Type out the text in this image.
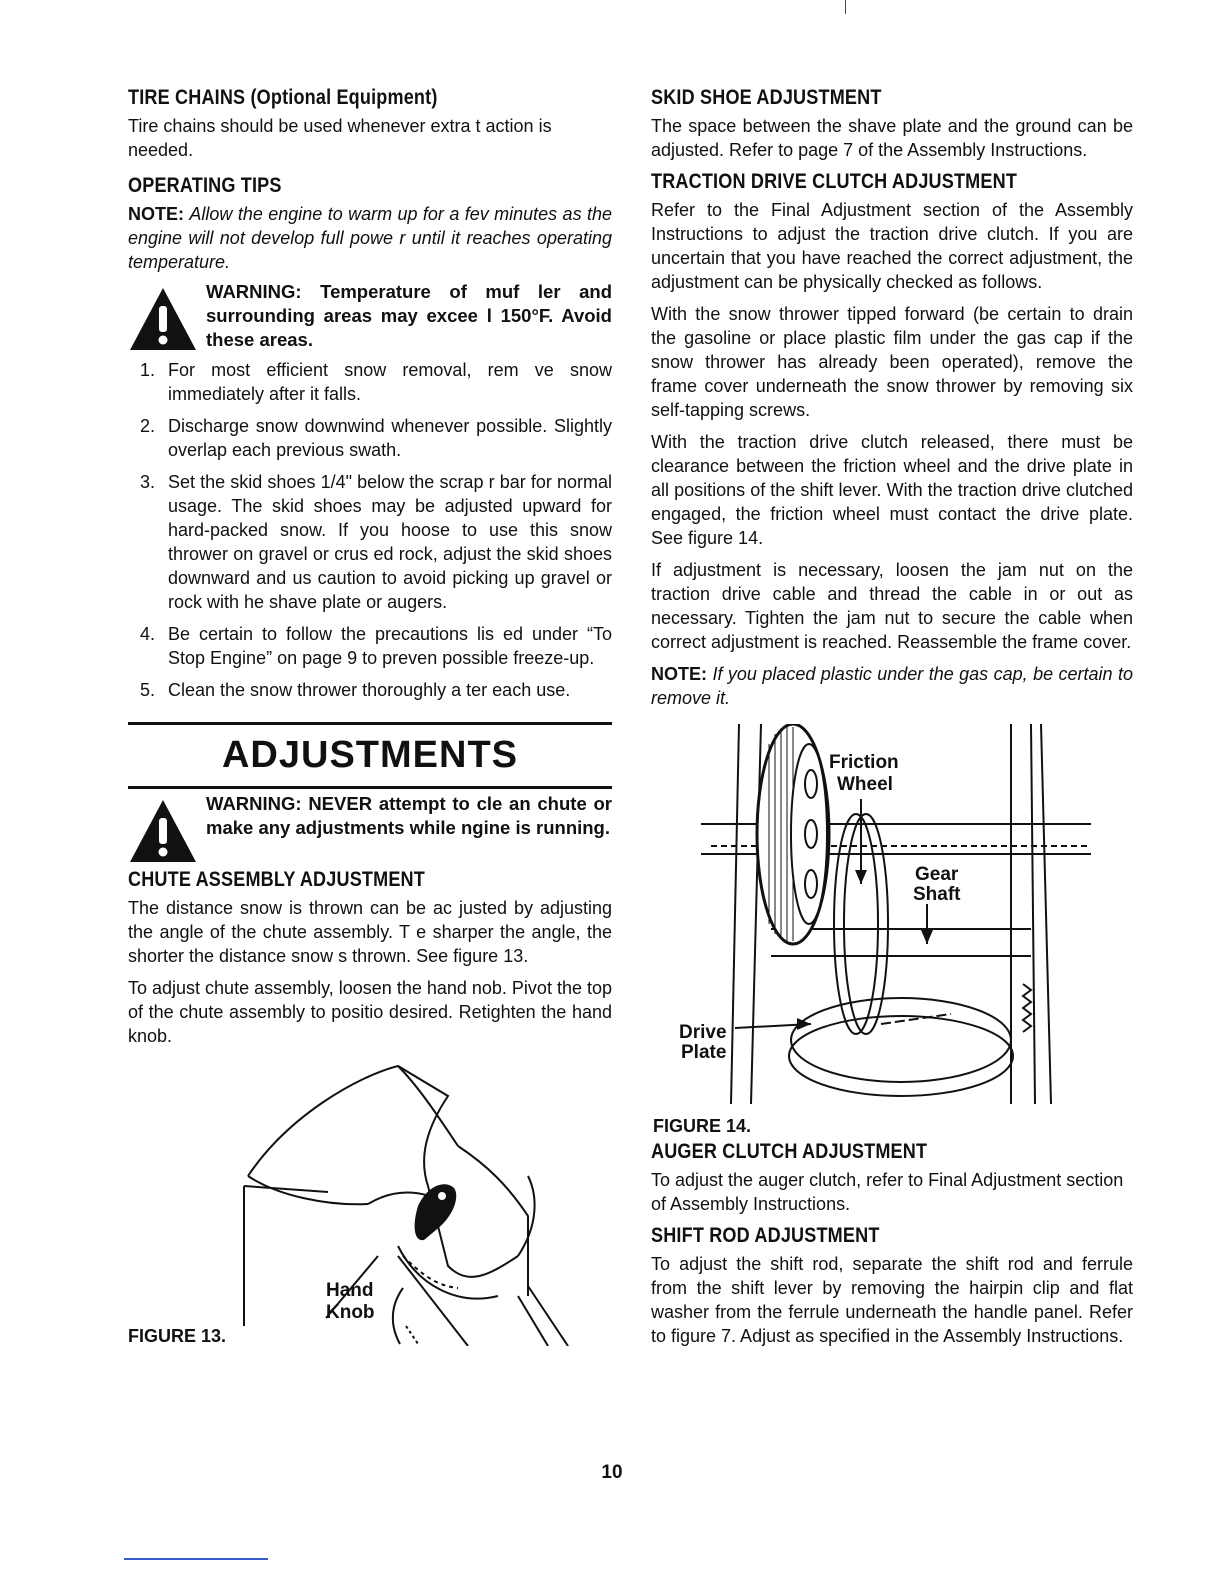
TIRE CHAINS (Optional Equipment)

Tire chains should be used whenever extra t action is needed.

OPERATING TIPS

NOTE: Allow the engine to warm up for a fev minutes as the engine will not develop full powe r until it reaches operating temperature.

WARNING: Temperature of muf ler and surrounding areas may excee l 150°F. Avoid these areas.
1. For most efficient snow removal, rem ve snow immediately after it falls.
2. Discharge snow downwind whenever possible. Slightly overlap each previous swath.
3. Set the skid shoes 1/4" below the scrap r bar for normal usage. The skid shoes may be adjusted upward for hard-packed snow. If you hoose to use this snow thrower on gravel or crus ed rock, adjust the skid shoes downward and us caution to avoid picking up gravel or rock with he shave plate or augers.
4. Be certain to follow the precautions lis ed under “To Stop Engine” on page 9 to preven possible freeze-up.
5. Clean the snow thrower thoroughly a ter each use.
ADJUSTMENTS
WARNING: NEVER attempt to cle an chute or make any adjustments while ngine is running.
CHUTE ASSEMBLY ADJUSTMENT

The distance snow is thrown can be ac justed by adjusting the angle of the chute assembly. T e sharper the angle, the shorter the distance snow s thrown. See figure 13.

To adjust chute assembly, loosen the hand nob. Pivot the top of the chute assembly to positio desired. Retighten the hand knob.

Hand
Knob
FIGURE 13.
SKID SHOE ADJUSTMENT

The space between the shave plate and the ground can be adjusted. Refer to page 7 of the Assembly Instructions.

TRACTION DRIVE CLUTCH ADJUSTMENT

Refer to the Final Adjustment section of the Assembly Instructions to adjust the traction drive clutch. If you are uncertain that you have reached the correct adjustment, the adjustment can be physically checked as follows.

With the snow thrower tipped forward (be certain to drain the gasoline or place plastic film under the gas cap if the snow thrower has already been operated), remove the frame cover underneath the snow thrower by removing six self-tapping screws.

With the traction drive clutch released, there must be clearance between the friction wheel and the drive plate in all positions of the shift lever. With the traction drive clutched engaged, the friction wheel must contact the drive plate. See figure 14.

If adjustment is necessary, loosen the jam nut on the traction drive cable and thread the cable in or out as necessary. Tighten the jam nut to secure the cable when correct adjustment is reached. Reassemble the frame cover.

NOTE: If you placed plastic under the gas cap, be certain to remove it.

Friction
Wheel
Gear
Shaft
Drive
Plate
FIGURE 14.
AUGER CLUTCH ADJUSTMENT

To adjust the auger clutch, refer to Final Adjustment section of Assembly Instructions.

SHIFT ROD ADJUSTMENT

To adjust the shift rod, separate the shift rod and ferrule from the shift lever by removing the hairpin clip and flat washer from the ferrule underneath the handle panel. Refer to figure 7. Adjust as specified in the Assembly Instructions.

10
